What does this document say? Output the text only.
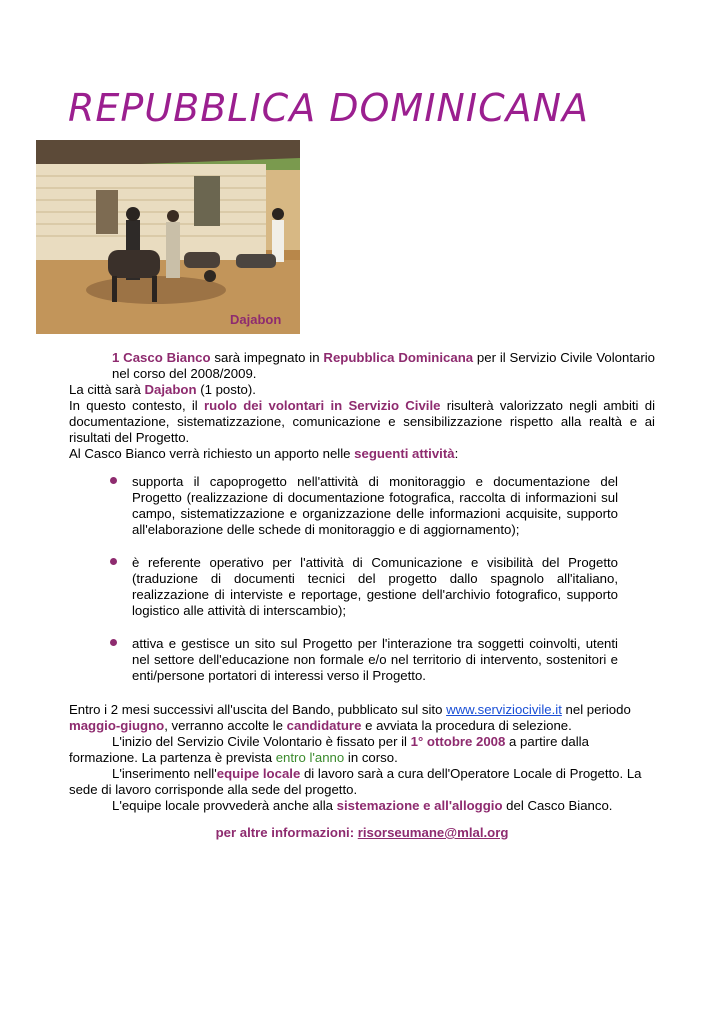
REPUBBLICA DOMINICANA
Dajabon
1 Casco Bianco sarà impegnato in Repubblica Dominicana per il Servizio Civile Volontario nel corso del 2008/2009.
La città sarà Dajabon (1 posto).
In questo contesto, il ruolo dei volontari in Servizio Civile risulterà valorizzato negli ambiti di documentazione, sistematizzazione, comunicazione e sensibilizzazione rispetto alla realtà e ai risultati del Progetto.
Al Casco Bianco verrà richiesto un apporto nelle seguenti attività:
supporta il capoprogetto nell'attività di monitoraggio e documentazione del Progetto (realizzazione di documentazione fotografica, raccolta di informazioni sul campo, sistematizzazione e organizzazione delle informazioni acquisite, supporto all'elaborazione delle schede di monitoraggio e di aggiornamento);
è referente operativo per l'attività di Comunicazione e visibilità del Progetto (traduzione di documenti tecnici del progetto dallo spagnolo all'italiano, realizzazione di interviste e reportage, gestione dell'archivio fotografico, supporto logistico alle attività di interscambio);
attiva e gestisce un sito sul Progetto per l'interazione tra soggetti coinvolti, utenti nel settore dell'educazione non formale e/o nel territorio di intervento, sostenitori e enti/persone portatori di interessi verso il Progetto.
Entro i 2 mesi successivi all'uscita del Bando, pubblicato sul sito www.serviziocivile.it nel periodo maggio-giugno, verranno accolte le candidature e avviata la procedura di selezione.
L'inizio del Servizio Civile Volontario è fissato per il 1° ottobre 2008 a partire dalla formazione. La partenza è prevista entro l'anno in corso.
L'inserimento nell'equipe locale di lavoro sarà a cura dell'Operatore Locale di Progetto. La sede di lavoro corrisponde alla sede del progetto.
L'equipe locale provvederà anche alla sistemazione e all'alloggio del Casco Bianco.
per altre informazioni: risorseumane@mlal.org
